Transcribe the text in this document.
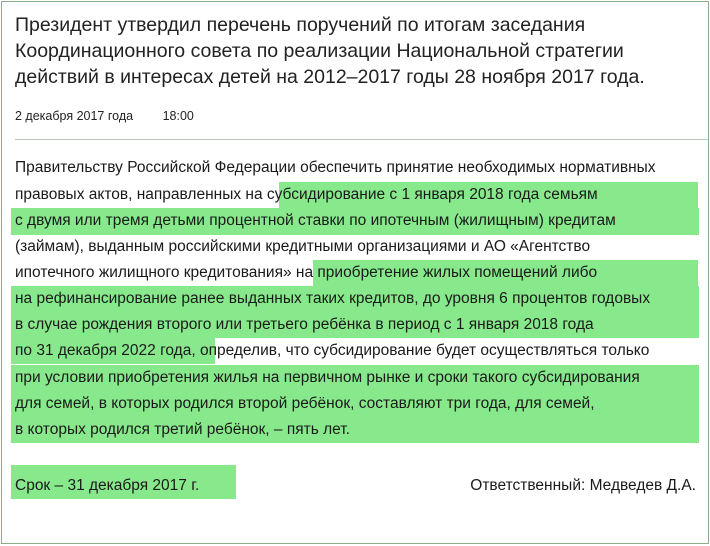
Президент утвердил перечень поручений по итогам заседания Координационного совета по реализации Национальной стратегии действий в интересах детей на 2012–2017 годы 28 ноября 2017 года.
2 декабря 2017 года 18:00
Правительству Российской Федерации обеспечить принятие необходимых нормативных
правовых актов, направленных на субсидирование с 1 января 2018 года семьям
с двумя или тремя детьми процентной ставки по ипотечным (жилищным) кредитам
(займам), выданным российскими кредитными организациями и АО «Агентство
ипотечного жилищного кредитования» на приобретение жилых помещений либо
на рефинансирование ранее выданных таких кредитов, до уровня 6 процентов годовых
в случае рождения второго или третьего ребёнка в период с 1 января 2018 года
по 31 декабря 2022 года, определив, что субсидирование будет осуществляться только
при условии приобретения жилья на первичном рынке и сроки такого субсидирования
для семей, в которых родился второй ребёнок, составляют три года, для семей,
в которых родился третий ребёнок, – пять лет.
Срок – 31 декабря 2017 г.	Ответственный: Медведев Д.А.
